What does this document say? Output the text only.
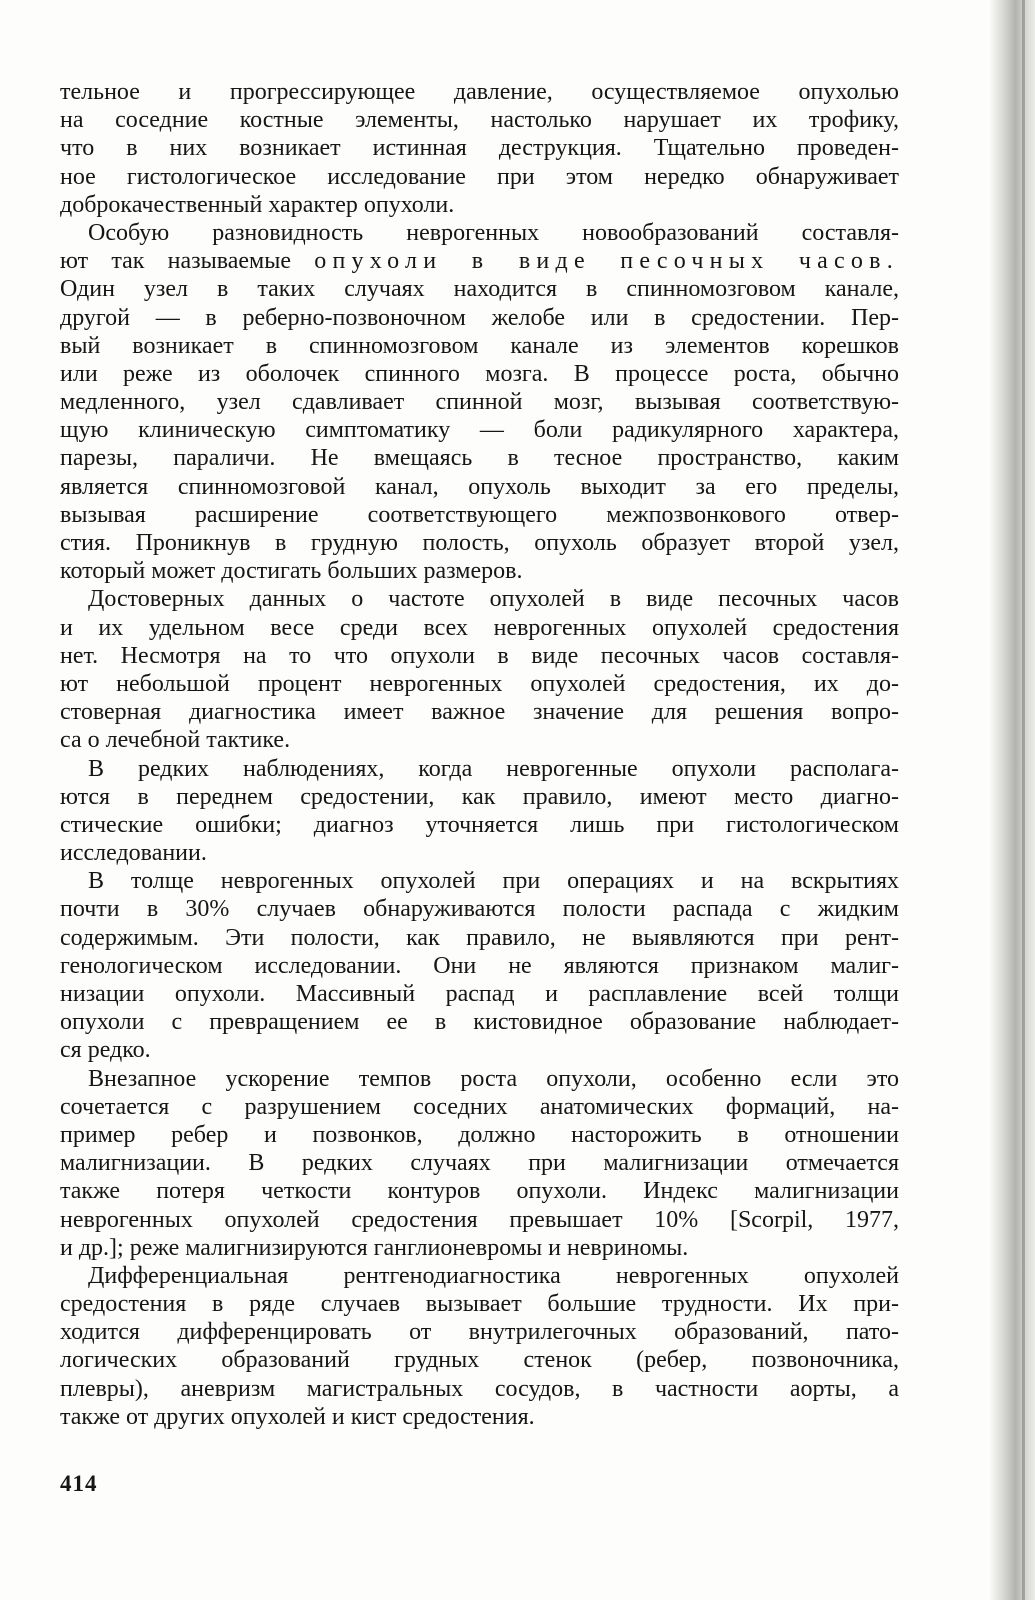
тельное и прогрессирующее давление, осуществляемое опухолью
на соседние костные элементы, настолько нарушает их трофику,
что в них возникает истинная деструкция. Тщательно проведен-
ное гистологическое исследование при этом нередко обнаруживает
доброкачественный характер опухоли.
Особую разновидность неврогенных новообразований составля-
ют так называемые опухоли в виде песочных часов.
Один узел в таких случаях находится в спинномозговом канале,
другой — в реберно-позвоночном желобе или в средостении. Пер-
вый возникает в спинномозговом канале из элементов корешков
или реже из оболочек спинного мозга. В процессе роста, обычно
медленного, узел сдавливает спинной мозг, вызывая соответствую-
щую клиническую симптоматику — боли радикулярного характера,
парезы, параличи. Не вмещаясь в тесное пространство, каким
является спинномозговой канал, опухоль выходит за его пределы,
вызывая расширение соответствующего межпозвонкового отвер-
стия. Проникнув в грудную полость, опухоль образует второй узел,
который может достигать больших размеров.
Достоверных данных о частоте опухолей в виде песочных часов
и их удельном весе среди всех неврогенных опухолей средостения
нет. Несмотря на то что опухоли в виде песочных часов составля-
ют небольшой процент неврогенных опухолей средостения, их до-
стоверная диагностика имеет важное значение для решения вопро-
са о лечебной тактике.
В редких наблюдениях, когда неврогенные опухоли располага-
ются в переднем средостении, как правило, имеют место диагно-
стические ошибки; диагноз уточняется лишь при гистологическом
исследовании.
В толще неврогенных опухолей при операциях и на вскрытиях
почти в 30% случаев обнаруживаются полости распада с жидким
содержимым. Эти полости, как правило, не выявляются при рент-
генологическом исследовании. Они не являются признаком малиг-
низации опухоли. Массивный распад и расплавление всей толщи
опухоли с превращением ее в кистовидное образование наблюдает-
ся редко.
Внезапное ускорение темпов роста опухоли, особенно если это
сочетается с разрушением соседних анатомических формаций, на-
пример ребер и позвонков, должно насторожить в отношении
малигнизации. В редких случаях при малигнизации отмечается
также потеря четкости контуров опухоли. Индекс малигнизации
неврогенных опухолей средостения превышает 10% [Scorpil, 1977,
и др.]; реже малигнизируются ганглионевромы и невриномы.
Дифференциальная рентгенодиагностика неврогенных опухолей
средостения в ряде случаев вызывает большие трудности. Их при-
ходится дифференцировать от внутрилегочных образований, пато-
логических образований грудных стенок (ребер, позвоночника,
плевры), аневризм магистральных сосудов, в частности аорты, а
также от других опухолей и кист средостения.
414
